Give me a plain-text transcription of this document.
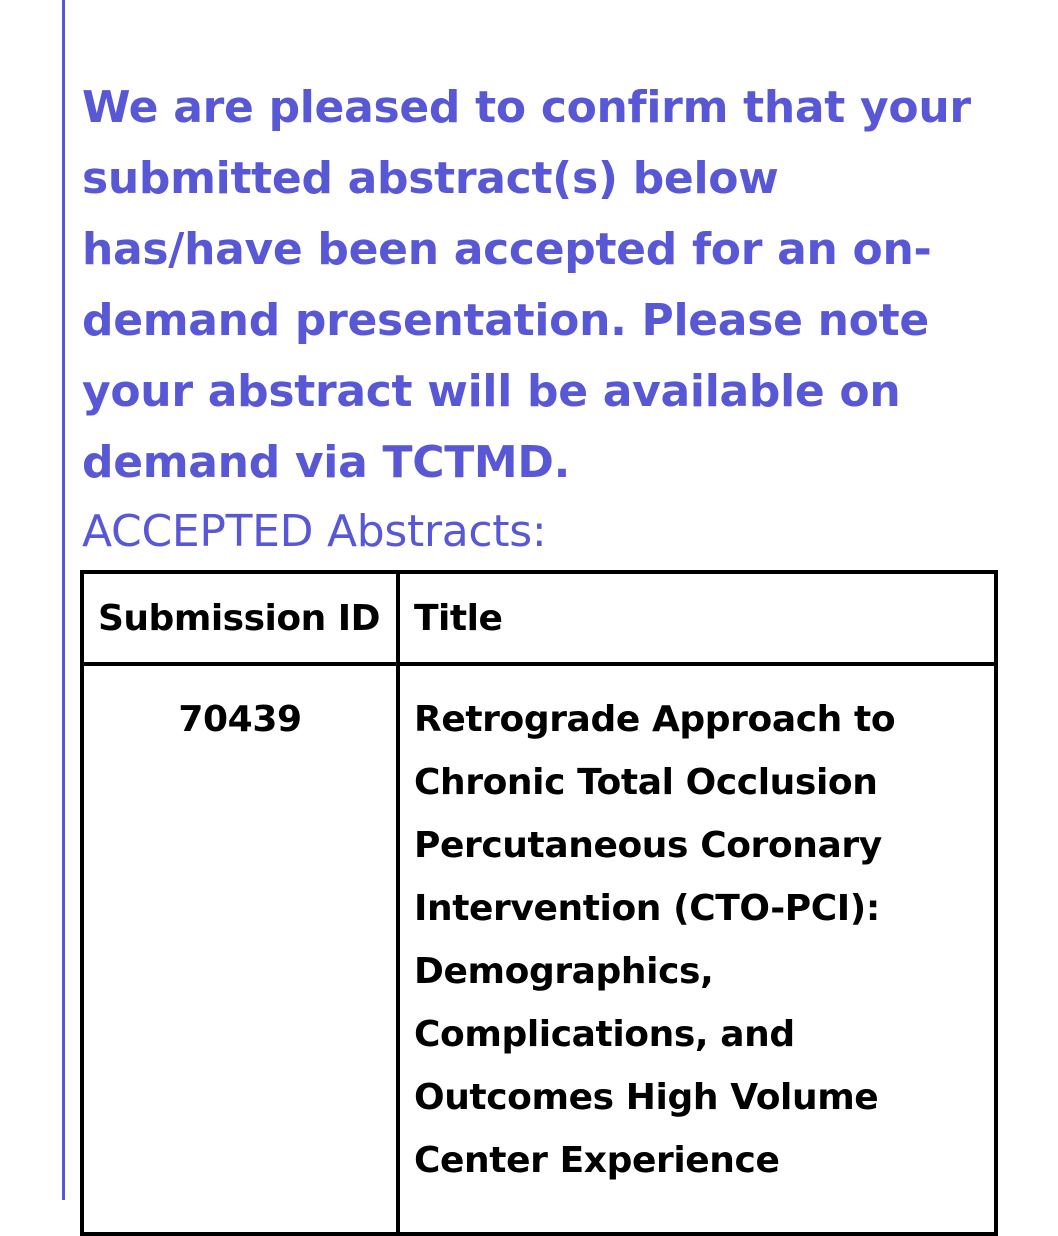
We are pleased to confirm that your submitted abstract(s) below has/have been accepted for an on-demand presentation. Please note your abstract will be available on demand via TCTMD.

ACCEPTED Abstracts:
Submission ID	Title
70439	Retrograde Approach to Chronic Total Occlusion Percutaneous Coronary Intervention (CTO-PCI): Demographics, Complications, and Outcomes High Volume Center Experience
